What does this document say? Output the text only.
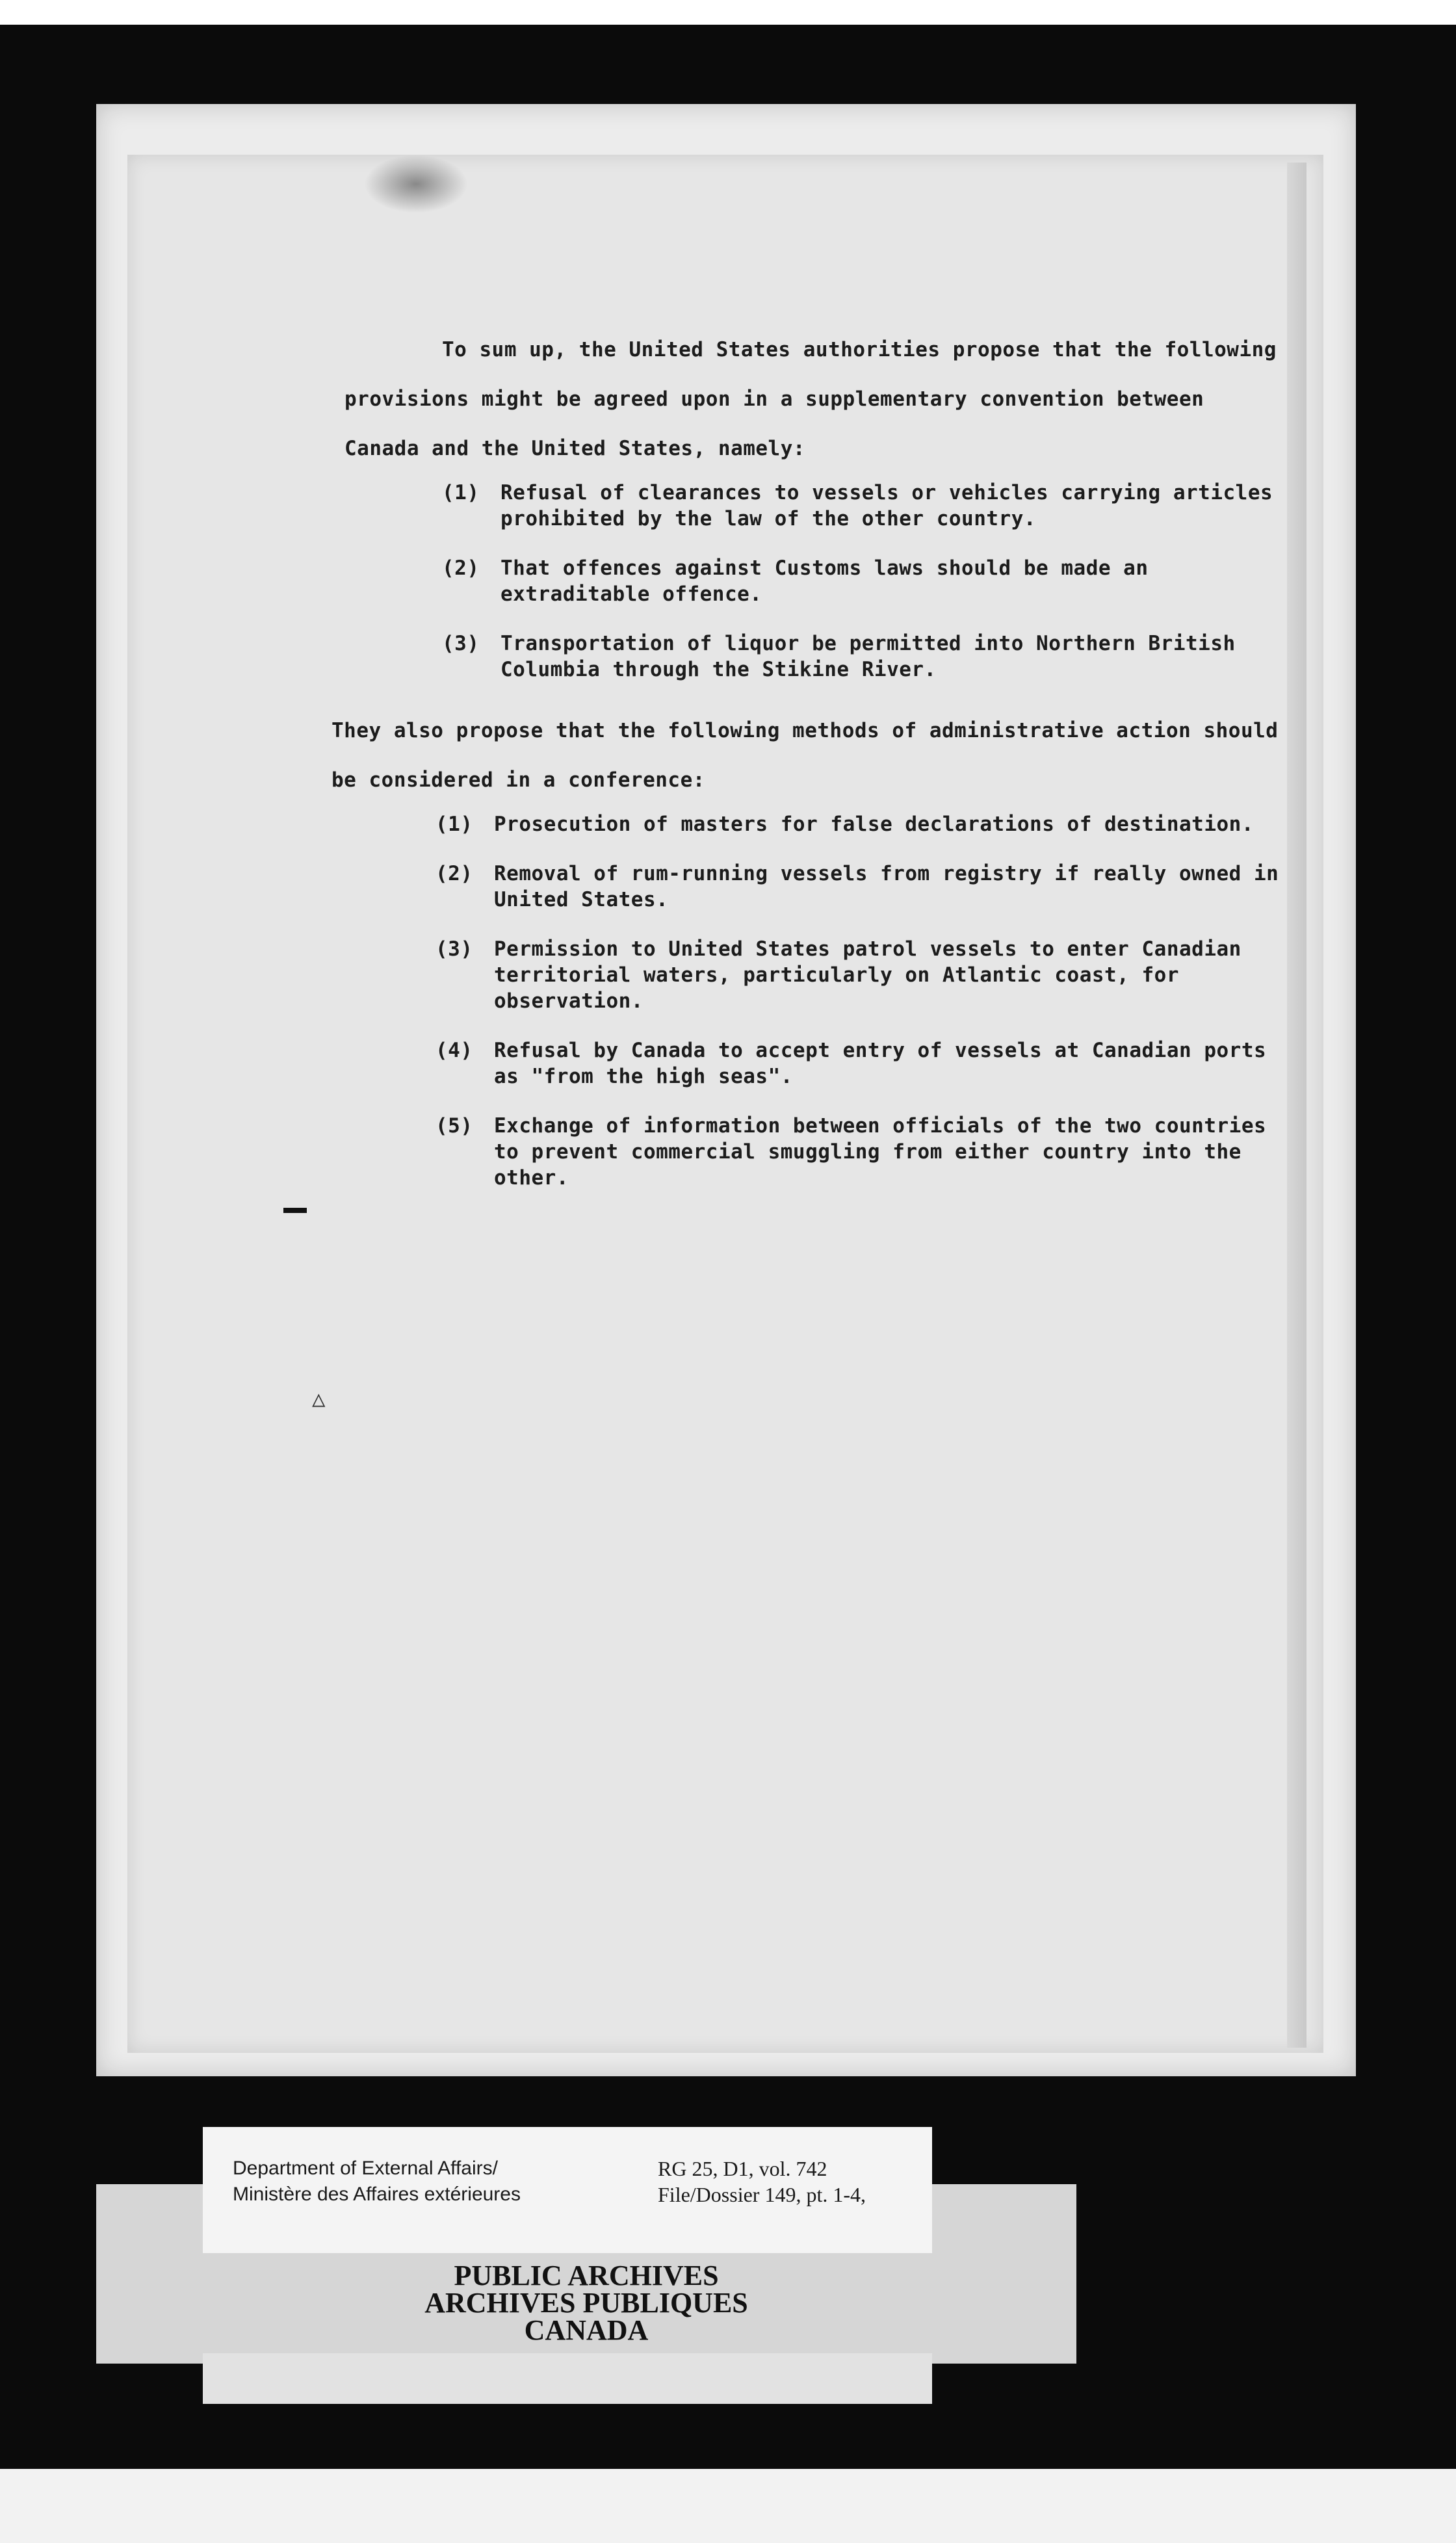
To sum up, the United States authorities propose that the following provisions might be agreed upon in a supplementary convention between Canada and the United States, namely:

(1)	Refusal of clearances to vessels or vehicles carrying articles prohibited by the law of the other country.
(2)	That offences against Customs laws should be made an extraditable offence.
(3)	Transportation of liquor be permitted into Northern British Columbia through the Stikine River.

They also propose that the following methods of administrative action should be considered in a conference:

(1)	Prosecution of masters for false declarations of destination.
(2)	Removal of rum-running vessels from registry if really owned in United States.
(3)	Permission to United States patrol vessels to enter Canadian territorial waters, particularly on Atlantic coast, for observation.
(4)	Refusal by Canada to accept entry of vessels at Canadian ports as "from the high seas".
(5)	Exchange of information between officials of the two countries to prevent commercial smuggling from either country into the other.
△
PUBLIC ARCHIVES
ARCHIVES PUBLIQUES
CANADA
Department of External Affairs/
Ministère des Affaires extérieures
RG 25, D1, vol. 742
File/Dossier 149, pt. 1-4,
